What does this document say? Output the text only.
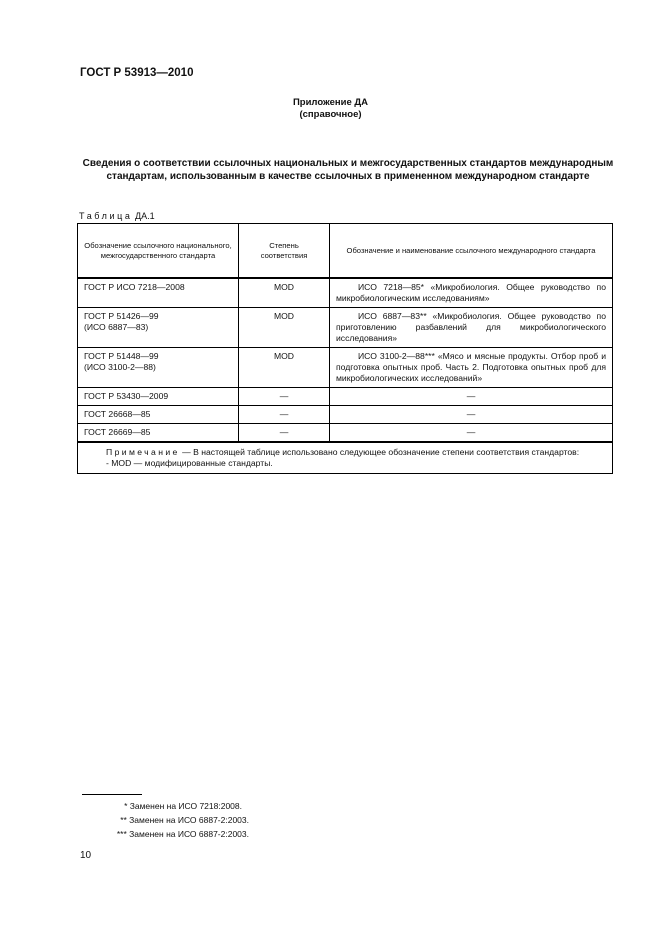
ГОСТ Р 53913—2010
Приложение ДА
(справочное)
Сведения о соответствии ссылочных национальных и межгосударственных стандартов международным стандартам, использованным в качестве ссылочных в примененном международном стандарте
Таблица ДА.1
Обозначение ссылочного национального, межгосударственного стандарта	Степень соответствия	Обозначение и наименование ссылочного международного стандарта
ГОСТ Р ИСО 7218—2008	MOD	ИСО 7218—85* «Микробиология. Общее руководство по микробиологическим исследованиям»

ГОСТ Р 51426—99
(ИСО 6887—83)	MOD	ИСО 6887—83** «Микробиология. Общее руководство по приготовлению разбавлений для микробиологического исследования»

ГОСТ Р 51448—99
(ИСО 3100-2—88)	MOD	ИСО 3100-2—88*** «Мясо и мясные продукты. Отбор проб и подготовка опытных проб. Часть 2. Подготовка опытных проб для микробиологических исследований»
ГОСТ Р 53430—2009	—	—
ГОСТ 26668—85	—	—
ГОСТ 26669—85	—	—

Примечание — В настоящей таблице использовано следующее обозначение степени соответствия стандартов:
- MOD — модифицированные стандарты.		
* Заменен на ИСО 7218:2008.
** Заменен на ИСО 6887-2:2003.
*** Заменен на ИСО 6887-2:2003.
10
